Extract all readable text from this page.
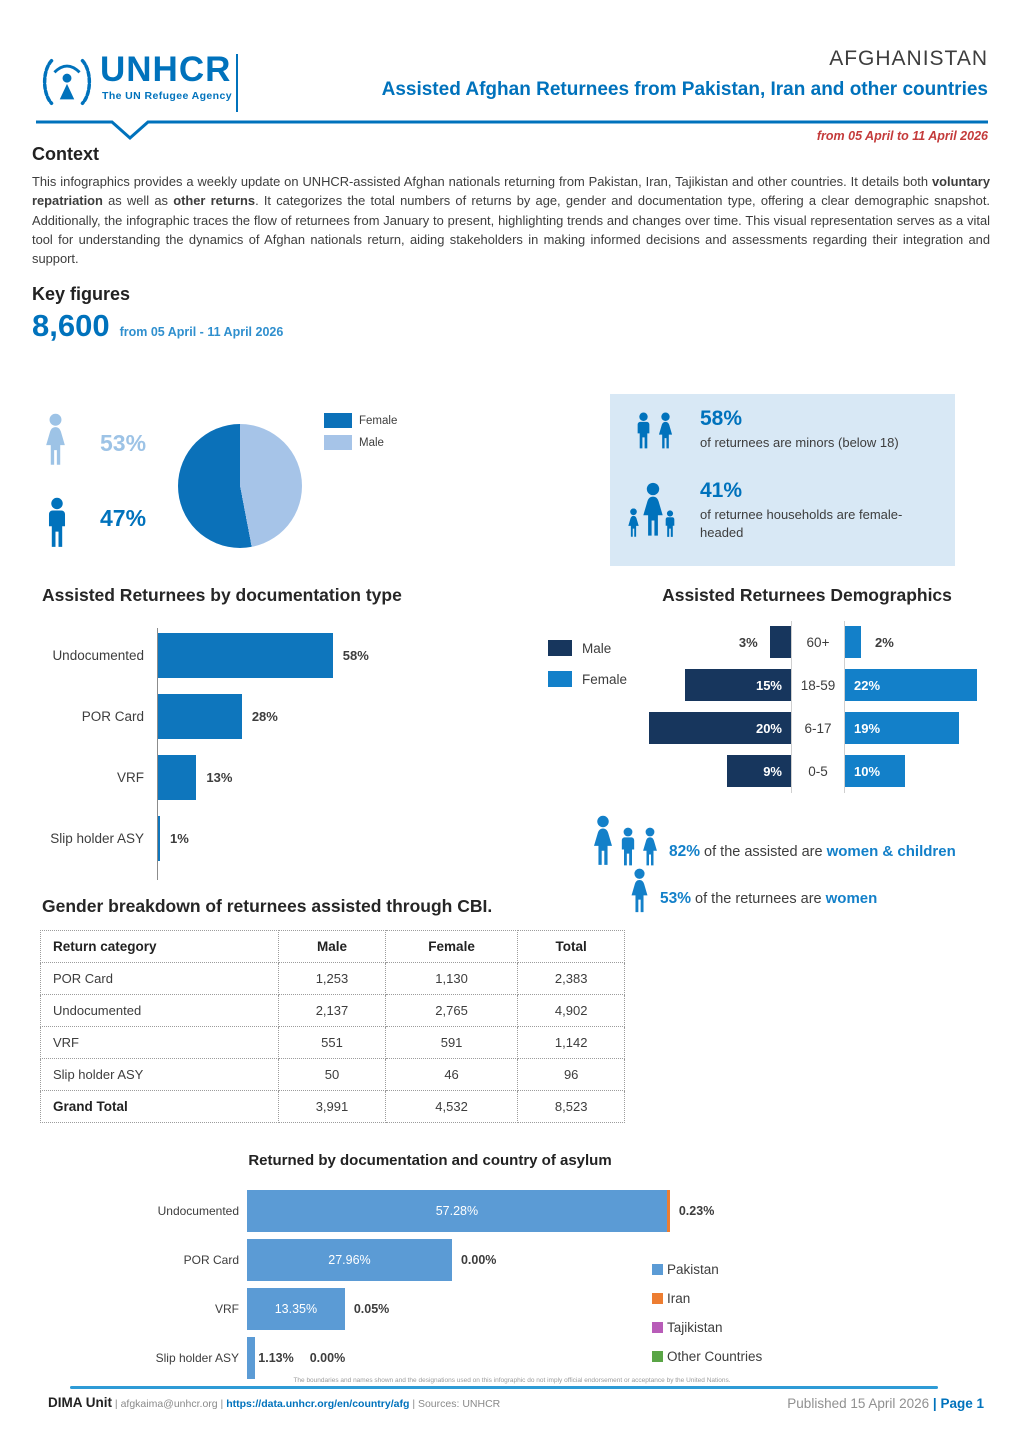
UNHCR
The UN Refugee Agency
AFGHANISTAN
Assisted Afghan Returnees from Pakistan, Iran and other countries
from 05 April to 11 April 2026
Context
This infographics provides a weekly update on UNHCR-assisted Afghan nationals returning from Pakistan, Iran, Tajikistan and other countries. It details both voluntary repatriation as well as other returns. It categorizes the total numbers of returns by age, gender and documentation type, offering a clear demographic snapshot. Additionally, the infographic traces the flow of returnees from January to present, highlighting trends and changes over time. This visual representation serves as a vital tool for understanding the dynamics of Afghan nationals return, aiding stakeholders in making informed decisions and assessments regarding their integration and support.
Key figures
8,600 from 05 April - 11 April 2026
53%
47%
Female
Male
58%
of returnees are minors (below 18)
41%
of returnee households are female-headed
Assisted Returnees by documentation type
Undocumented	58%
POR Card	28%
VRF	13%
Slip holder ASY	1%
Assisted Returnees Demographics
Male
Female
3%	60+	2%
15%	18-59	22%
20%	6-17	19%
9%	0-5	10%
82% of the assisted are women & children
53% of the returnees are women
Gender breakdown of returnees assisted through CBI.
Return category	Male	Female	Total
POR Card	1,253	1,130	2,383
Undocumented	2,137	2,765	4,902
VRF	551	591	1,142
Slip holder ASY	50	46	96
Grand Total	3,991	4,532	8,523
Returned by documentation and country of asylum
Undocumented	57.28%	0.23%
POR Card	27.96%	0.00%
VRF	13.35%	0.05%
Slip holder ASY	1.13% 0.00%
Pakistan
Iran
Tajikistan
Other Countries
The boundaries and names shown and the designations used on this infographic do not imply official endorsement or acceptance by the United Nations.
DIMA Unit | afgkaima@unhcr.org | https://data.unhcr.org/en/country/afg | Sources: UNHCR	Published 15 April 2026 | Page 1
